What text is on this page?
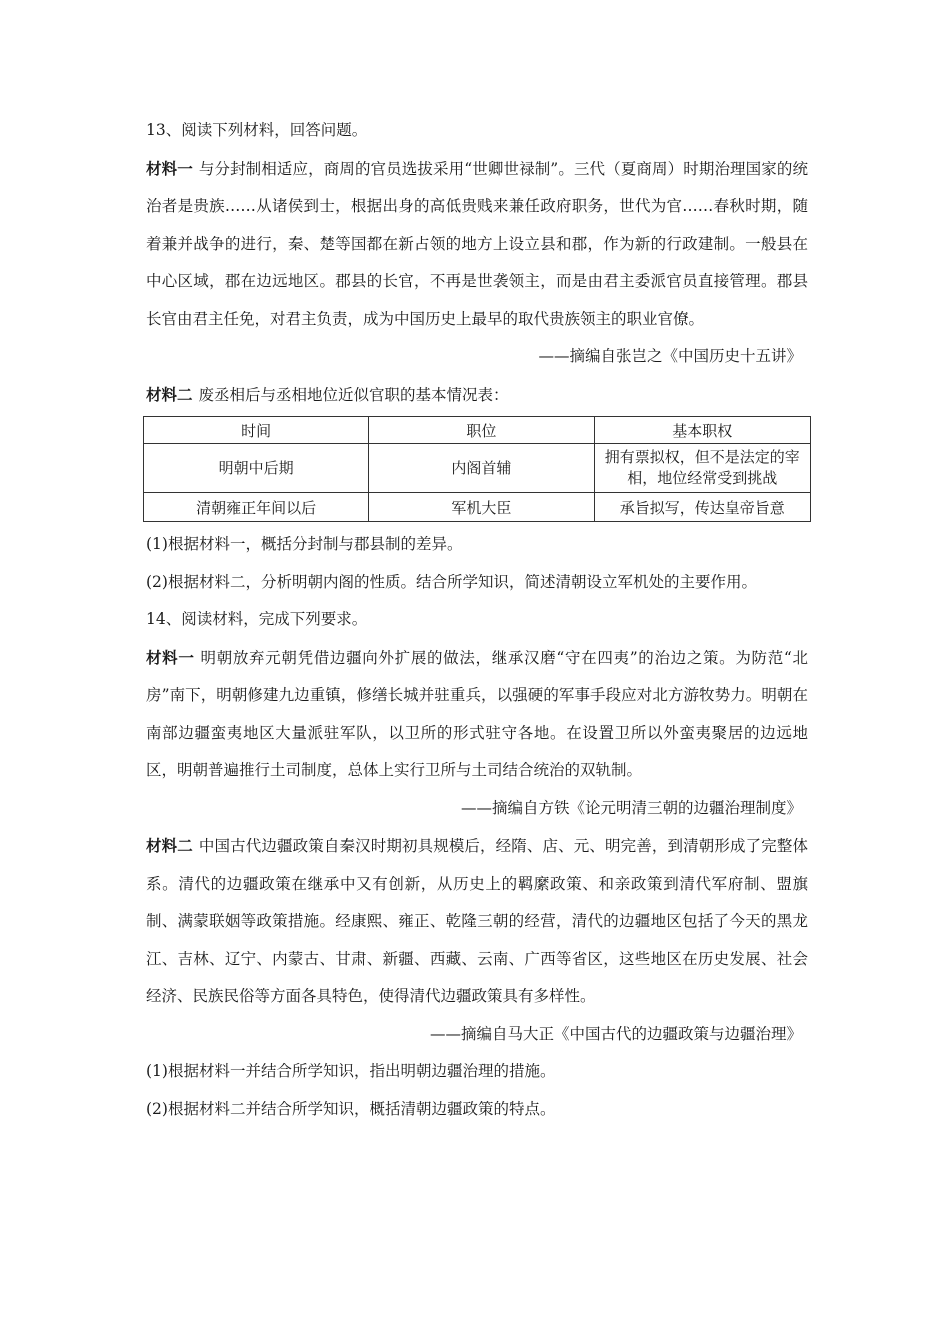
13、阅读下列材料，回答问题。

材料一 与分封制相适应，商周的官员选拔采用“世卿世禄制”。三代（夏商周）时期治理国家的统治者是贵族……从诸侯到士，根据出身的高低贵贱来兼任政府职务，世代为官……春秋时期，随着兼并战争的进行，秦、楚等国都在新占领的地方上设立县和郡，作为新的行政建制。一般县在中心区域，郡在边远地区。郡县的长官，不再是世袭领主，而是由君主委派官员直接管理。郡县长官由君主任免，对君主负责，成为中国历史上最早的取代贵族领主的职业官僚。

——摘编自张岂之《中国历史十五讲》

材料二 废丞相后与丞相地位近似官职的基本情况表：

时间	职位	基本职权
明朝中后期	内阁首辅	拥有票拟权，但不是法定的宰相，地位经常受到挑战
清朝雍正年间以后	军机大臣	承旨拟写，传达皇帝旨意

(1)根据材料一，概括分封制与郡县制的差异。

(2)根据材料二，分析明朝内阁的性质。结合所学知识，简述清朝设立军机处的主要作用。

14、阅读材料，完成下列要求。

材料一 明朝放弃元朝凭借边疆向外扩展的做法，继承汉磨“守在四夷”的治边之策。为防范“北房”南下，明朝修建九边重镇，修缮长城并驻重兵，以强硬的军事手段应对北方游牧势力。明朝在南部边疆蛮夷地区大量派驻军队，以卫所的形式驻守各地。在设置卫所以外蛮夷聚居的边远地区，明朝普遍推行土司制度，总体上实行卫所与土司结合统治的双轨制。

——摘编自方铁《论元明清三朝的边疆治理制度》

材料二 中国古代边疆政策自秦汉时期初具规模后，经隋、店、元、明完善，到清朝形成了完整体系。清代的边疆政策在继承中又有创新，从历史上的羁縻政策、和亲政策到清代军府制、盟旗制、满蒙联姻等政策措施。经康熙、雍正、乾隆三朝的经营，清代的边疆地区包括了今天的黑龙江、吉林、辽宁、内蒙古、甘肃、新疆、西藏、云南、广西等省区，这些地区在历史发展、社会经济、民族民俗等方面各具特色，使得清代边疆政策具有多样性。

——摘编自马大正《中国古代的边疆政策与边疆治理》

(1)根据材料一并结合所学知识，指出明朝边疆治理的措施。

(2)根据材料二并结合所学知识，概括清朝边疆政策的特点。
